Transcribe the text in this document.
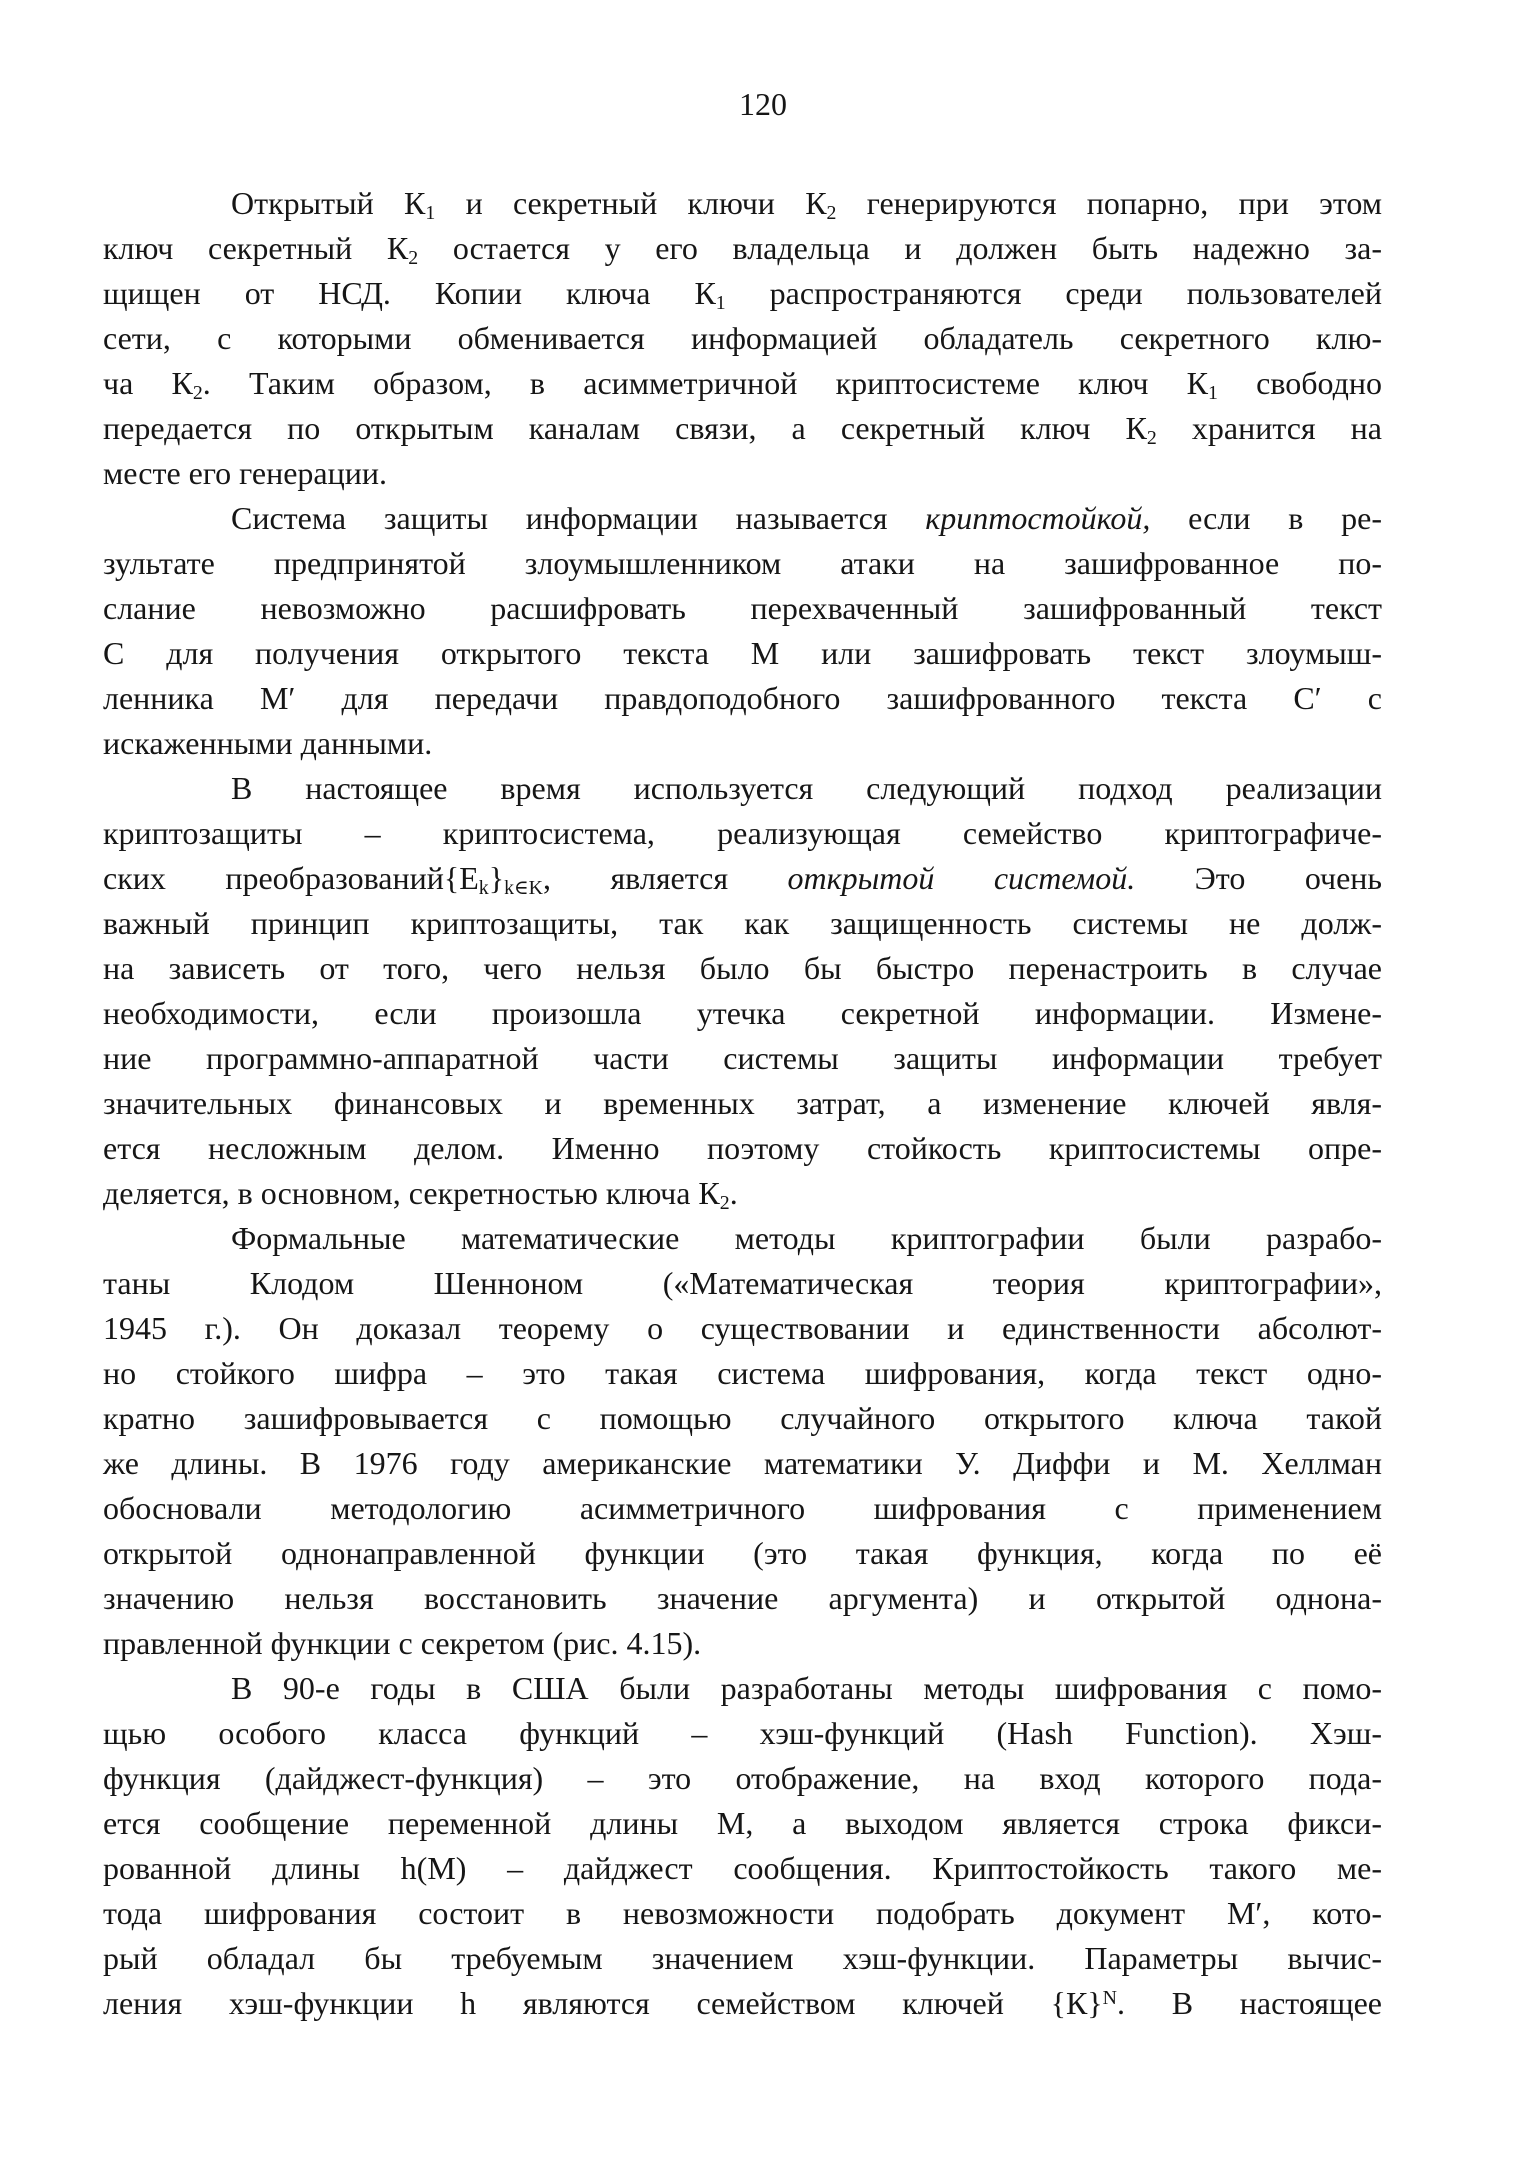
120
Открытый К1 и секретный ключи К2 генерируются попарно, при этом
ключ секретный К2 остается у его владельца и должен быть надежно за-
щищен от НСД. Копии ключа К1 распространяются среди пользователей
сети, с которыми обменивается информацией обладатель секретного клю-
ча К2. Таким образом, в асимметричной криптосистеме ключ К1 свободно
передается по открытым каналам связи, а секретный ключ К2 хранится на
месте его генерации.
Система защиты информации называется криптостойкой, если в ре-
зультате предпринятой злоумышленником атаки на зашифрованное по-
слание невозможно расшифровать перехваченный зашифрованный текст
С для получения открытого текста М или зашифровать текст злоумыш-
ленника М′ для передачи правдоподобного зашифрованного текста С′ с
искаженными данными.
В настоящее время используется следующий подход реализации
криптозащиты – криптосистема, реализующая семейство криптографиче-
ских преобразований{Ek}k∈K, является открытой системой. Это очень
важный принцип криптозащиты, так как защищенность системы не долж-
на зависеть от того, чего нельзя было бы быстро перенастроить в случае
необходимости, если произошла утечка секретной информации. Измене-
ние программно-аппаратной части системы защиты информации требует
значительных финансовых и временных затрат, а изменение ключей явля-
ется несложным делом. Именно поэтому стойкость криптосистемы опре-
деляется, в основном, секретностью ключа К2.
Формальные математические методы криптографии были разрабо-
таны Клодом Шенноном («Математическая теория криптографии»,
1945 г.). Он доказал теорему о существовании и единственности абсолют-
но стойкого шифра – это такая система шифрования, когда текст одно-
кратно зашифровывается с помощью случайного открытого ключа такой
же длины. В 1976 году американские математики У. Диффи и М. Хеллман
обосновали методологию асимметричного шифрования с применением
открытой однонаправленной функции (это такая функция, когда по её
значению нельзя восстановить значение аргумента) и открытой однона-
правленной функции с секретом (рис. 4.15).
В 90-е годы в США были разработаны методы шифрования с помо-
щью особого класса функций – хэш-функций (Hash Function). Хэш-
функция (дайджест-функция) – это отображение, на вход которого пода-
ется сообщение переменной длины М, а выходом является строка фикси-
рованной длины h(M) – дайджест сообщения. Криптостойкость такого ме-
тода шифрования состоит в невозможности подобрать документ М′, кото-
рый обладал бы требуемым значением хэш-функции. Параметры вычис-
ления хэш-функции h являются семейством ключей $\{К\}^N$. В настоящее
